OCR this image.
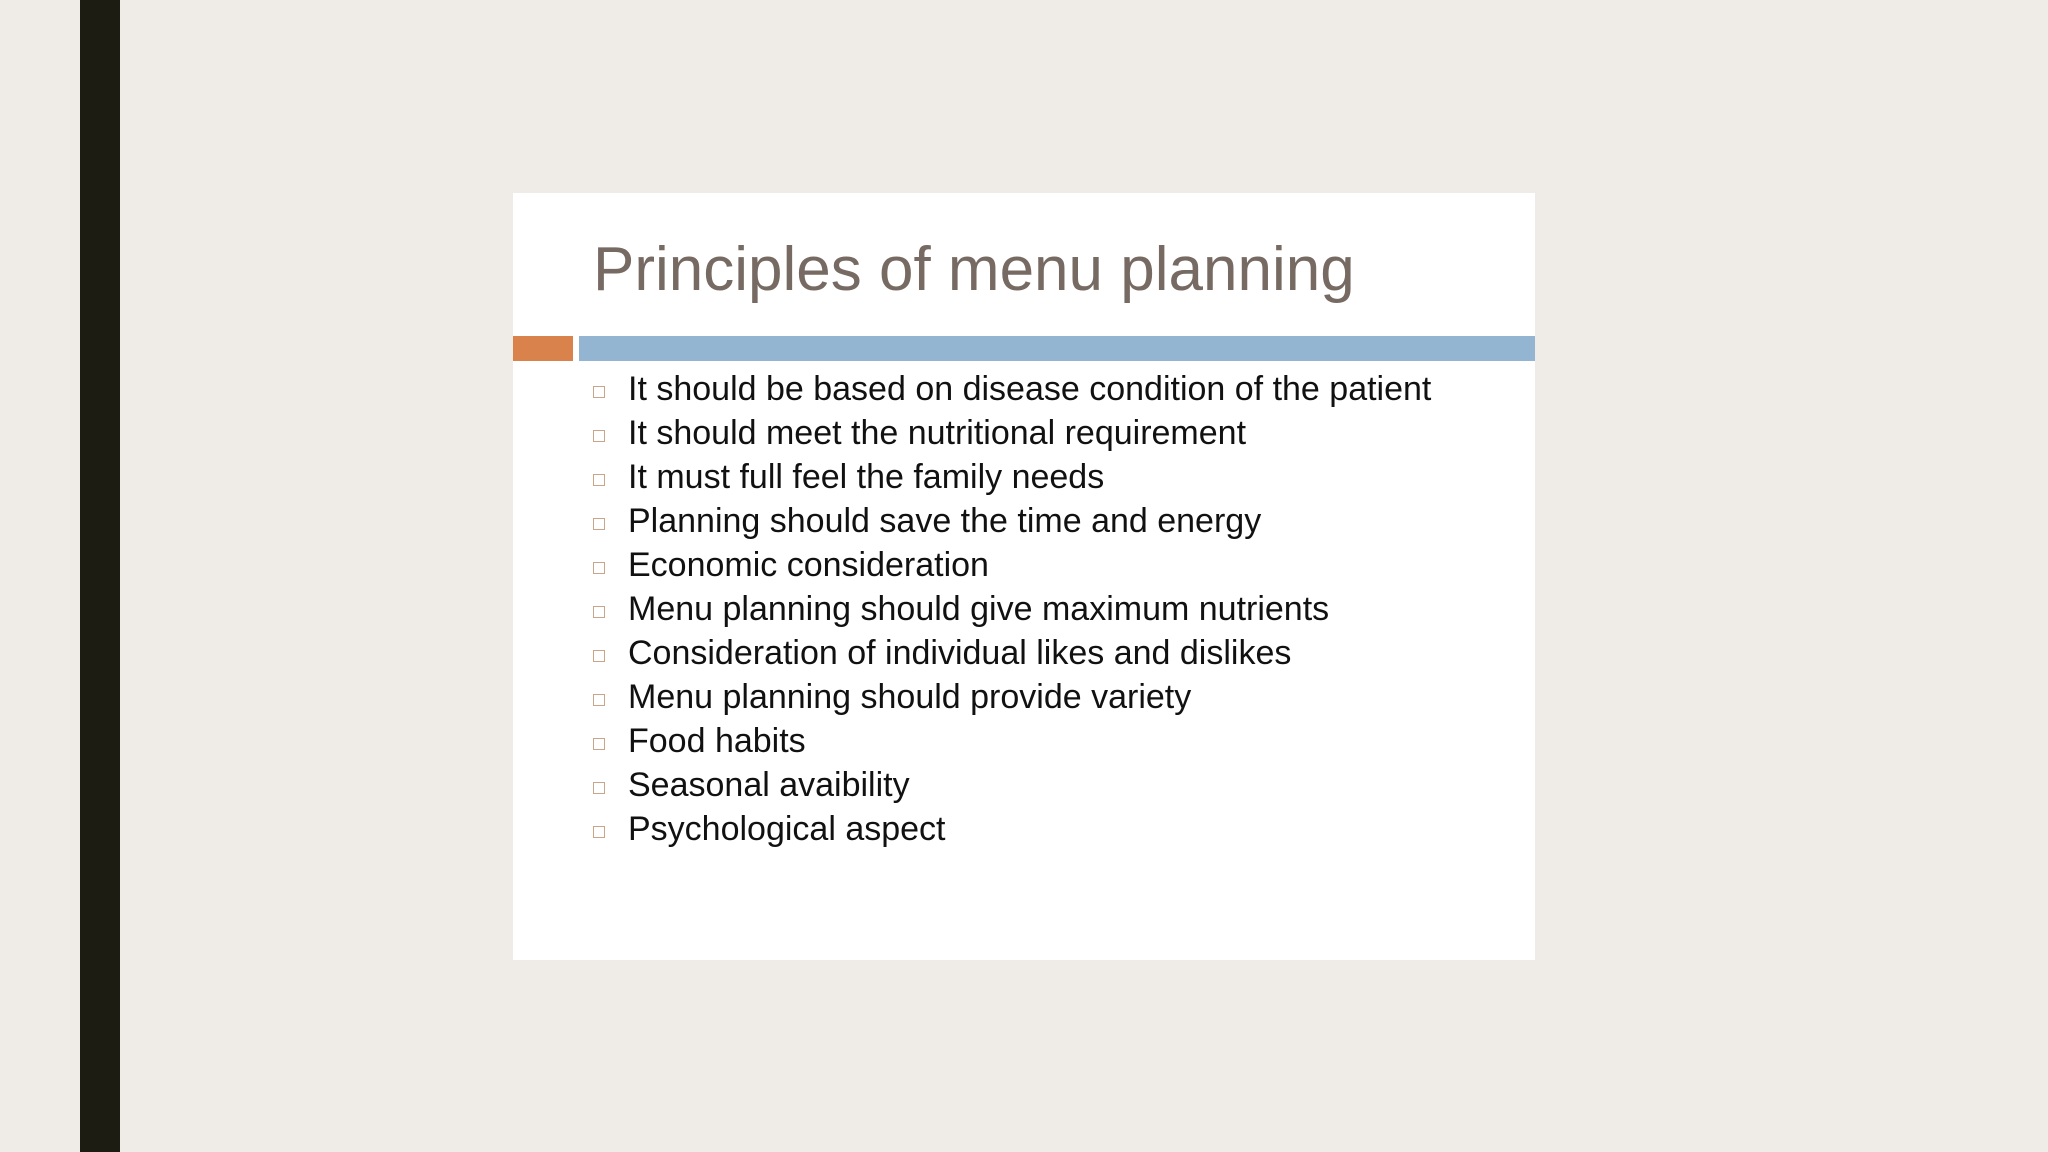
Principles of menu planning
It should be based on disease condition of the patient
It should meet the nutritional requirement
It must full feel the family needs
Planning should save the time and energy
Economic consideration
Menu planning should give maximum nutrients
Consideration of individual likes and dislikes
Menu planning should provide variety
Food habits
Seasonal avaibility
Psychological aspect
